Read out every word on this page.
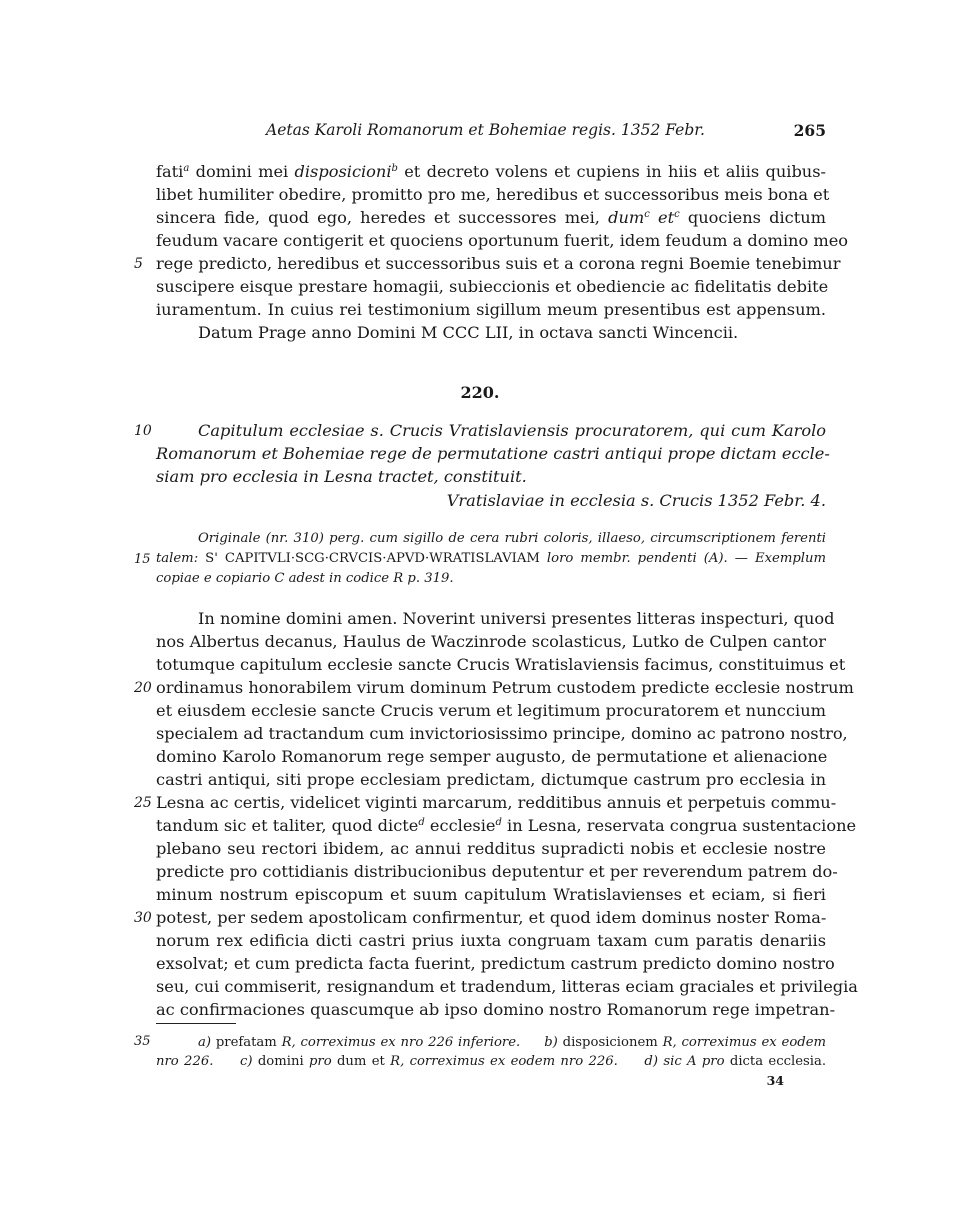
Aetas Karoli Romanorum et Bohemiae regis. 1352 Febr.	265
fati$^a$ domini mei disposicioni$^b$ et decreto volens et cupiens in hiis et aliis quibus-
libet humiliter obedire, promitto pro me, heredibus et successoribus meis bona et
sincera fide, quod ego, heredes et successores mei, dum$^c$ $et^c$ quociens dictum
feudum vacare contigerit et quociens oportunum fuerit, idem feudum a domino meo
5 rege predicto, heredibus et successoribus suis et a corona regni Boemie tenebimur
suscipere eisque prestare homagii, subieccionis et obediencie ac fidelitatis debite
iuramentum. In cuius rei testimonium sigillum meum presentibus est appensum.
Datum Prage anno Domini M CCC LII, in octava sancti Wincencii.
220.
10	Capitulum ecclesiae s. Crucis Vratislaviensis procuratorem, qui cum Karolo
Romanorum et Bohemiae rege de permutatione castri antiqui prope dictam eccle-
siam pro ecclesia in Lesna tractet, constituit.
Vratislaviae in ecclesia s. Crucis 1352 Febr. 4.
Originale (nr. 310) perg. cum sigillo de cera rubri coloris, illaeso, circumscriptionem ferenti
15 talem: S' CAPITVLI·SCG·CRVCIS·APVD·WRATISLAVIAM loro membr. pendenti (A). — Exemplum
copiae e copiario C adest in codice R p. 319.
In nomine domini amen. Noverint universi presentes litteras inspecturi, quod
nos Albertus decanus, Haulus de Waczinrode scolasticus, Lutko de Culpen cantor
totumque capitulum ecclesie sancte Crucis Wratislaviensis facimus, constituimus et
20 ordinamus honorabilem virum dominum Petrum custodem predicte ecclesie nostrum
et eiusdem ecclesie sancte Crucis verum et legitimum procuratorem et nunccium
specialem ad tractandum cum invictoriosissimo principe, domino ac patrono nostro,
domino Karolo Romanorum rege semper augusto, de permutatione et alienacione
castri antiqui, siti prope ecclesiam predictam, dictumque castrum pro ecclesia in
25 Lesna ac certis, videlicet viginti marcarum, redditibus annuis et perpetuis commu-
tandum sic et taliter, quod dicte$^d$ ecclesie$^d$ in Lesna, reservata congrua sustentacione
plebano seu rectori ibidem, ac annui redditus supradicti nobis et ecclesie nostre
predicte pro cottidianis distribucionibus deputentur et per reverendum patrem do-
minum nostrum episcopum et suum capitulum Wratislavienses et eciam, si fieri
30 potest, per sedem apostolicam confirmentur, et quod idem dominus noster Roma-
norum rex edificia dicti castri prius iuxta congruam taxam cum paratis denariis
exsolvat; et cum predicta facta fuerint, predictum castrum predicto domino nostro
seu, cui commiserit, resignandum et tradendum, litteras eciam graciales et privilegia
ac confirmaciones quascumque ab ipso domino nostro Romanorum rege impetran-
35	a) prefatam R, correximus ex nro 226 inferiore. b) disposicionem R, correximus ex eodem
nro 226. c) domini pro dum et R, correximus ex eodem nro 226. d) sic A pro dicta ecclesia.
34
